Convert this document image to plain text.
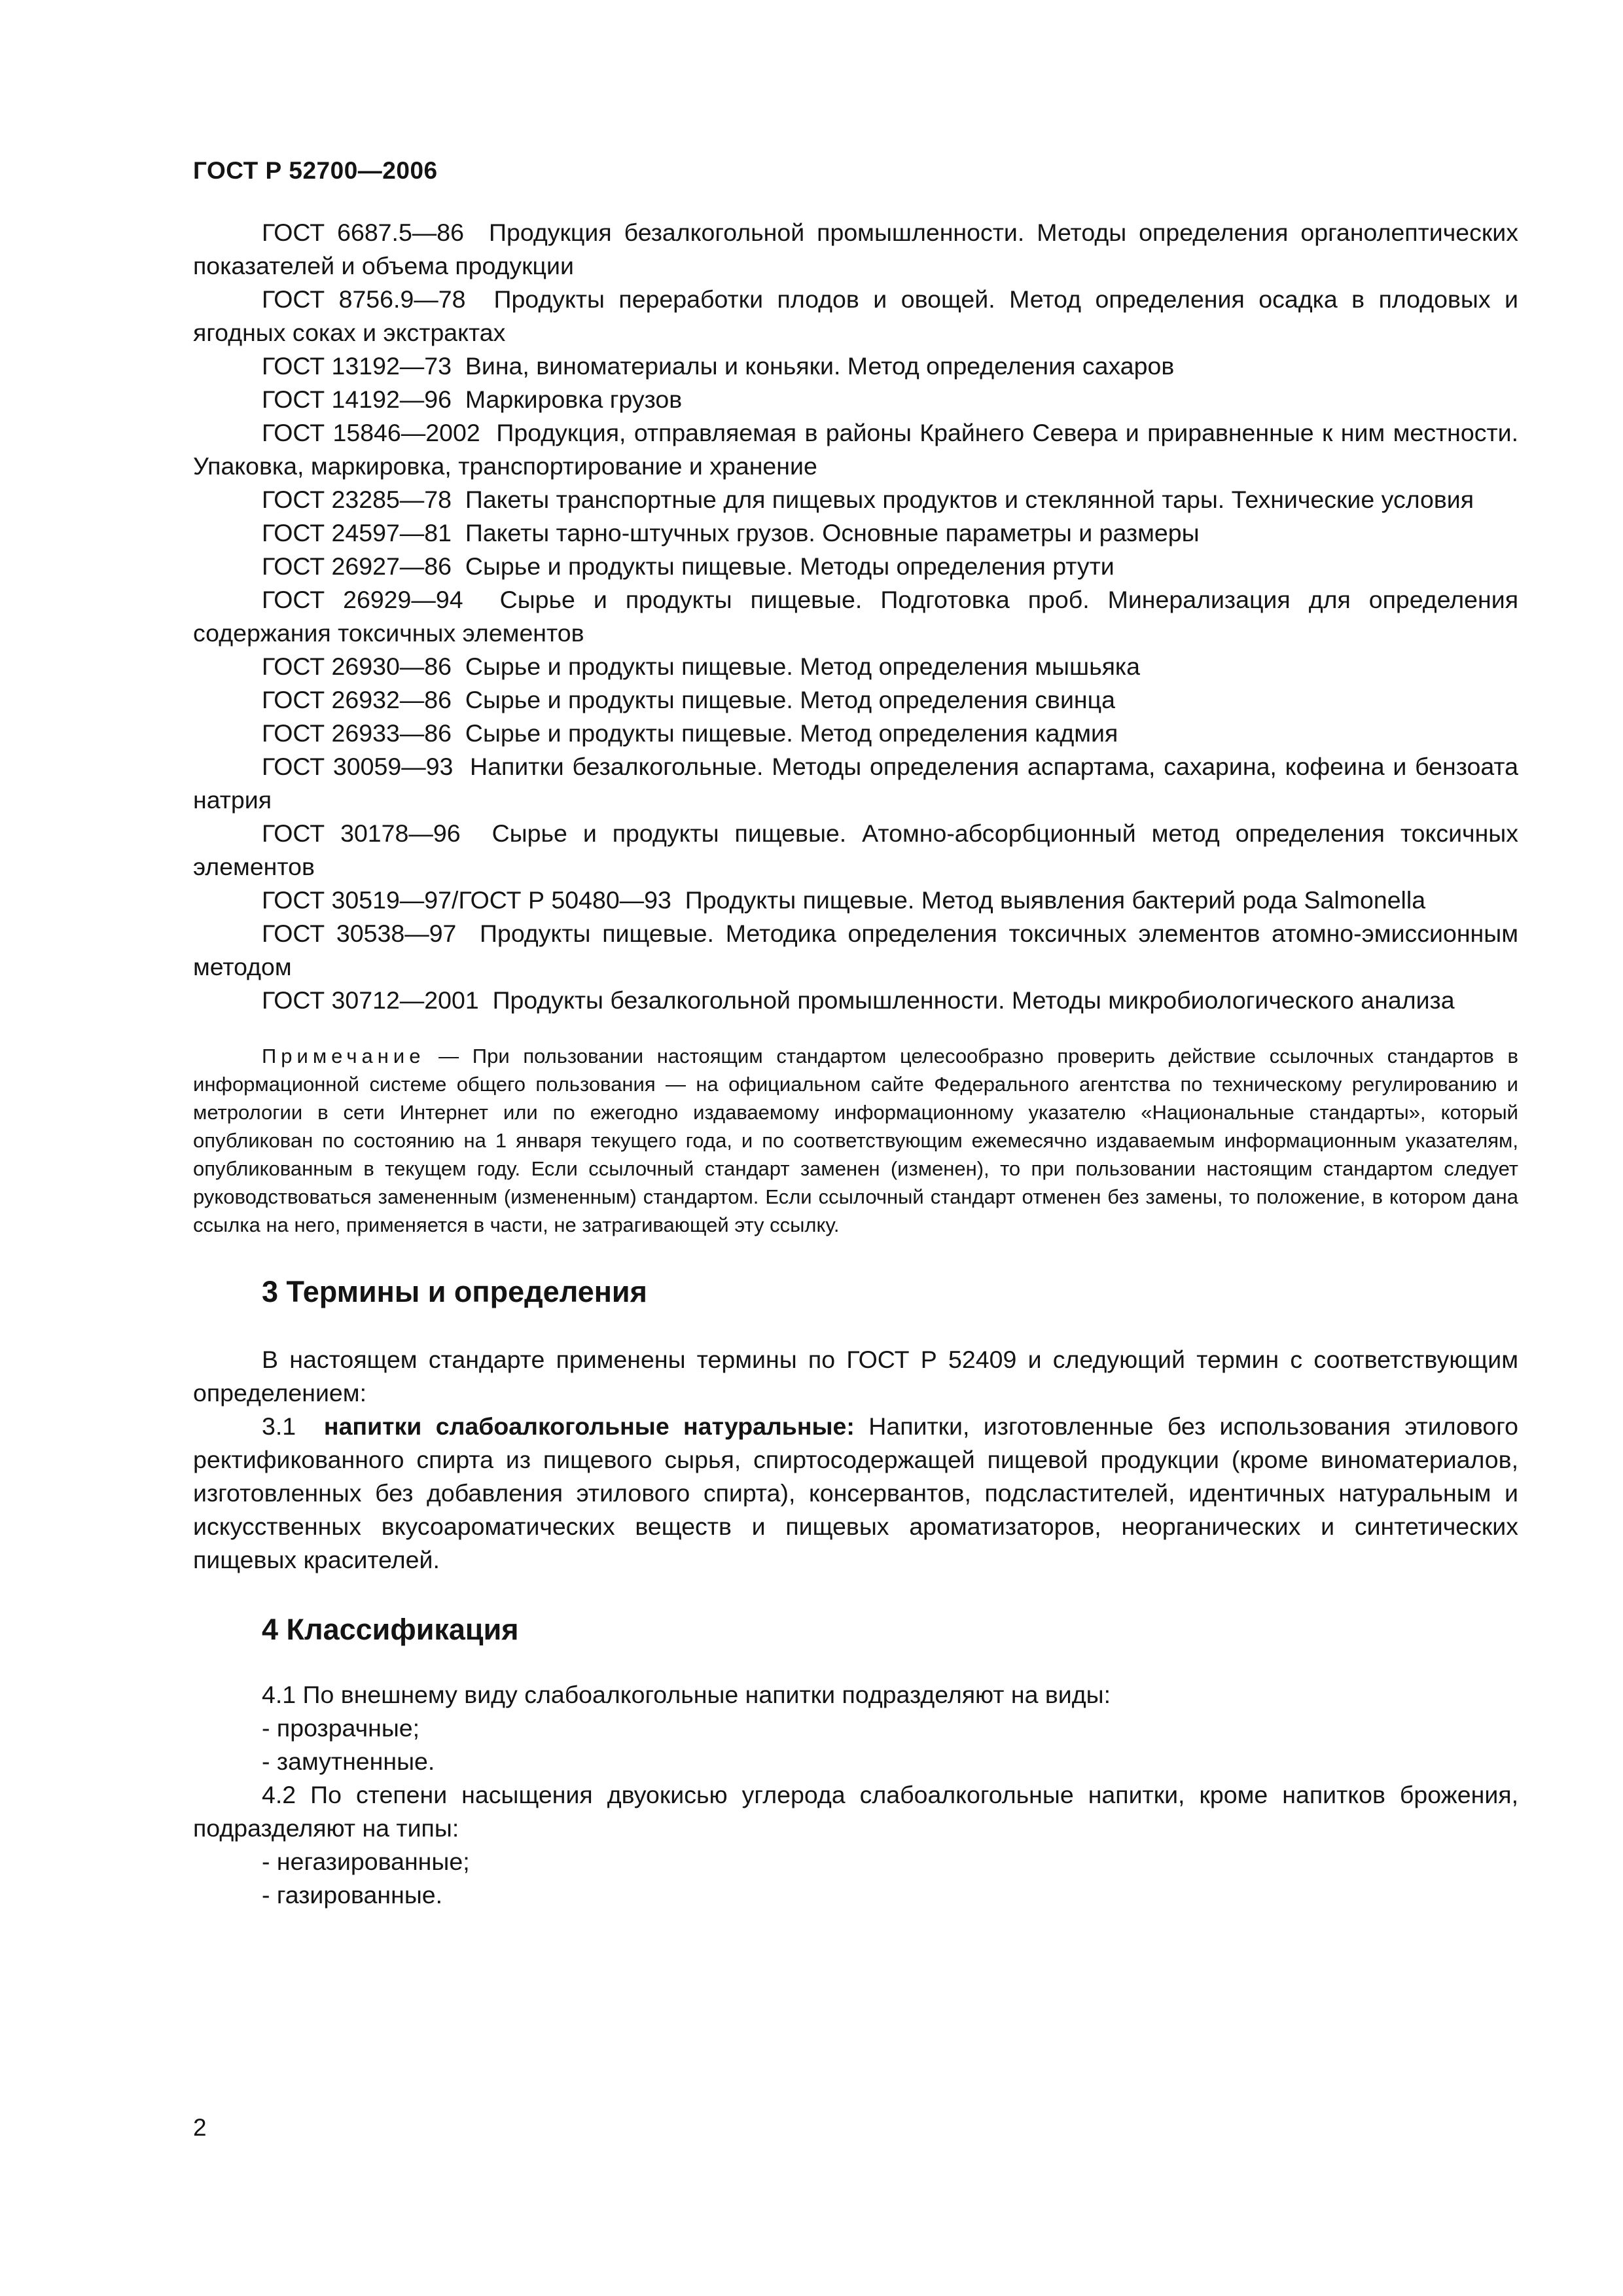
ГОСТ Р 52700—2006

ГОСТ 6687.5—86 Продукция безалкогольной промышленности. Методы определения органолептических показателей и объема продукции

ГОСТ 8756.9—78 Продукты переработки плодов и овощей. Метод определения осадка в плодовых и ягодных соках и экстрактах

ГОСТ 13192—73 Вина, виноматериалы и коньяки. Метод определения сахаров

ГОСТ 14192—96 Маркировка грузов

ГОСТ 15846—2002 Продукция, отправляемая в районы Крайнего Севера и приравненные к ним местности. Упаковка, маркировка, транспортирование и хранение

ГОСТ 23285—78 Пакеты транспортные для пищевых продуктов и стеклянной тары. Технические условия

ГОСТ 24597—81 Пакеты тарно-штучных грузов. Основные параметры и размеры

ГОСТ 26927—86 Сырье и продукты пищевые. Методы определения ртути

ГОСТ 26929—94 Сырье и продукты пищевые. Подготовка проб. Минерализация для определения содержания токсичных элементов

ГОСТ 26930—86 Сырье и продукты пищевые. Метод определения мышьяка

ГОСТ 26932—86 Сырье и продукты пищевые. Метод определения свинца

ГОСТ 26933—86 Сырье и продукты пищевые. Метод определения кадмия

ГОСТ 30059—93 Напитки безалкогольные. Методы определения аспартама, сахарина, кофеина и бензоата натрия

ГОСТ 30178—96 Сырье и продукты пищевые. Атомно-абсорбционный метод определения токсичных элементов

ГОСТ 30519—97/ГОСТ Р 50480—93 Продукты пищевые. Метод выявления бактерий рода Salmonella

ГОСТ 30538—97 Продукты пищевые. Методика определения токсичных элементов атомно-эмиссионным методом

ГОСТ 30712—2001 Продукты безалкогольной промышленности. Методы микробиологического анализа

Примечание — При пользовании настоящим стандартом целесообразно проверить действие ссылочных стандартов в информационной системе общего пользования — на официальном сайте Федерального агентства по техническому регулированию и метрологии в сети Интернет или по ежегодно издаваемому информационному указателю «Национальные стандарты», который опубликован по состоянию на 1 января текущего года, и по соответствующим ежемесячно издаваемым информационным указателям, опубликованным в текущем году. Если ссылочный стандарт заменен (изменен), то при пользовании настоящим стандартом следует руководствоваться замененным (измененным) стандартом. Если ссылочный стандарт отменен без замены, то положение, в котором дана ссылка на него, применяется в части, не затрагивающей эту ссылку.

3 Термины и определения

В настоящем стандарте применены термины по ГОСТ Р 52409 и следующий термин с соответствующим определением:

3.1 напитки слабоалкогольные натуральные: Напитки, изготовленные без использования этилового ректификованного спирта из пищевого сырья, спиртосодержащей пищевой продукции (кроме виноматериалов, изготовленных без добавления этилового спирта), консервантов, подсластителей, идентичных натуральным и искусственных вкусоароматических веществ и пищевых ароматизаторов, неорганических и синтетических пищевых красителей.

4 Классификация

4.1 По внешнему виду слабоалкогольные напитки подразделяют на виды:

- прозрачные;

- замутненные.

4.2 По степени насыщения двуокисью углерода слабоалкогольные напитки, кроме напитков брожения, подразделяют на типы:

- негазированные;

- газированные.

2
